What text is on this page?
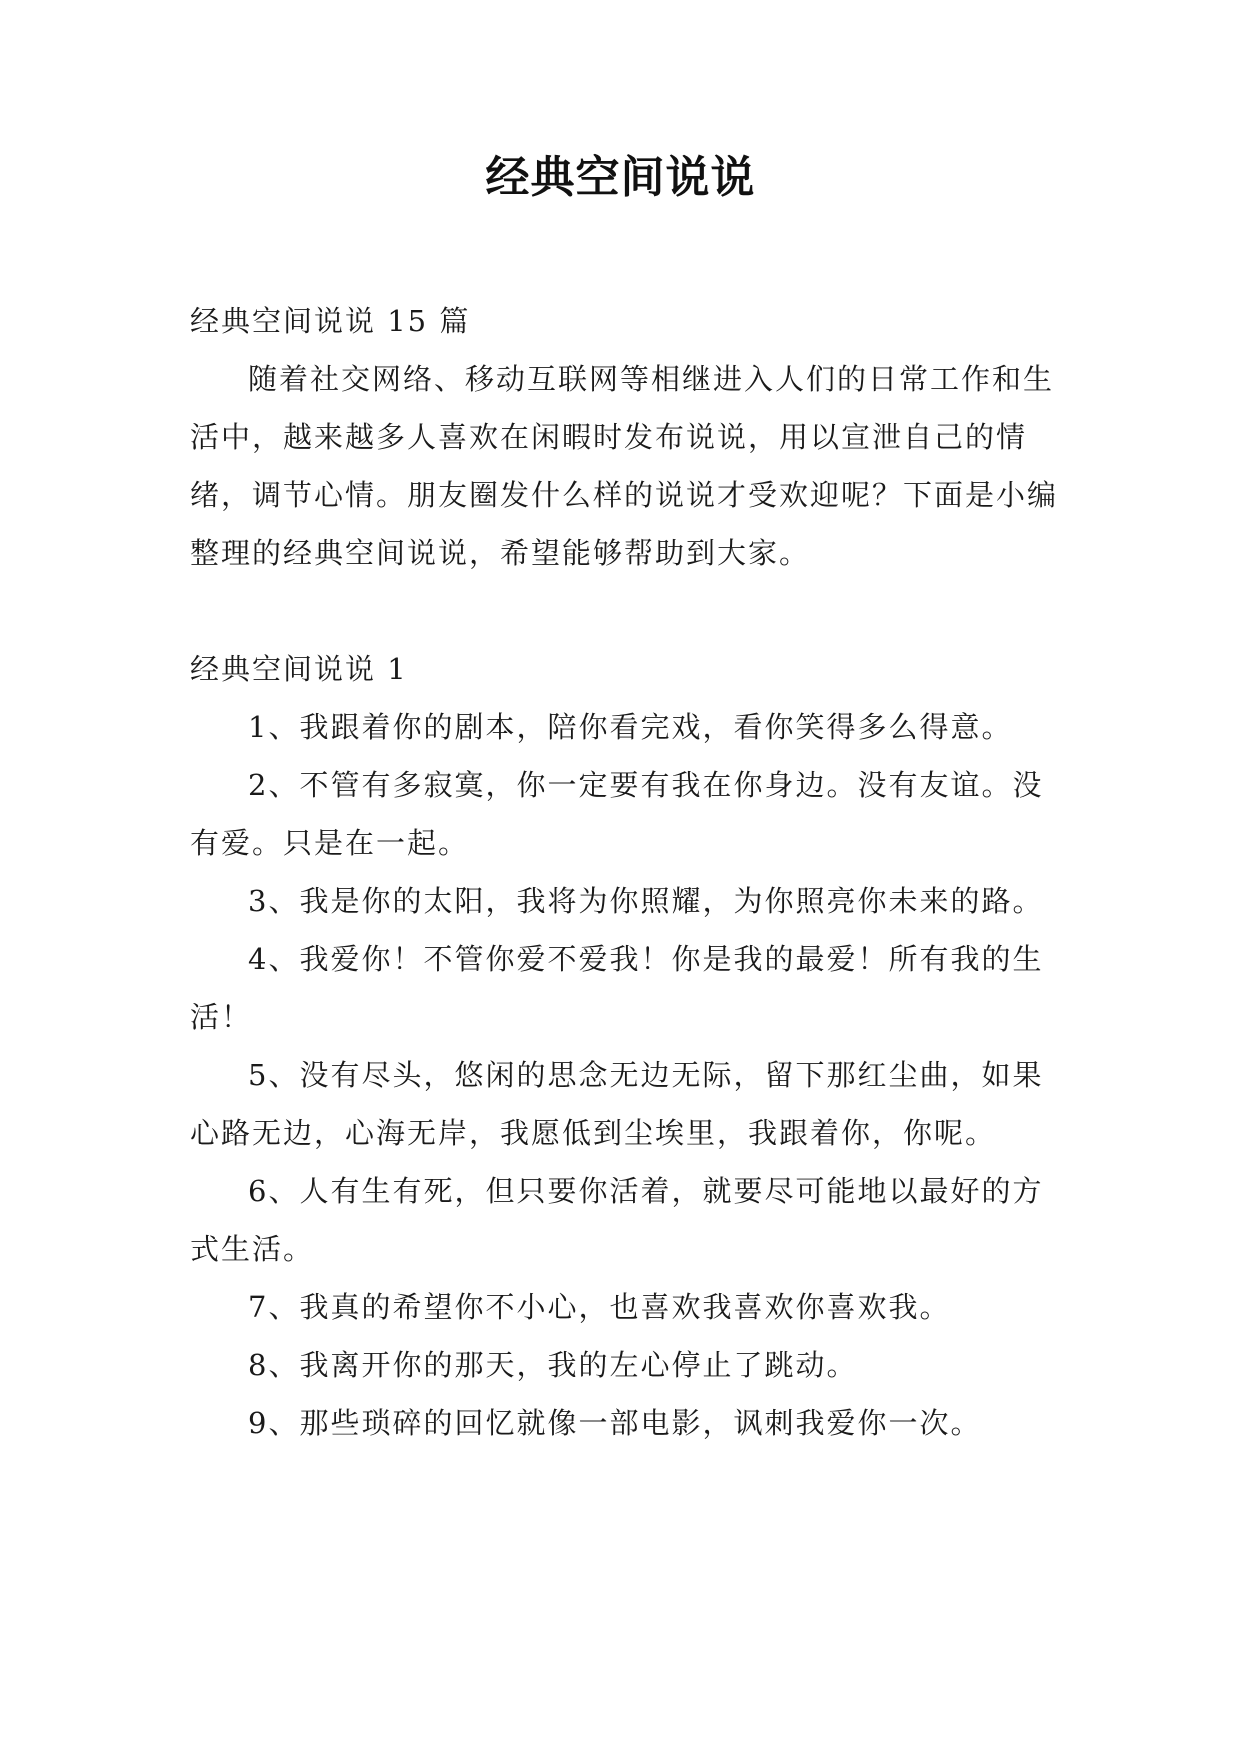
经典空间说说

经典空间说说 15 篇

随着社交网络、移动互联网等相继进入人们的日常工作和生活中，越来越多人喜欢在闲暇时发布说说，用以宣泄自己的情绪，调节心情。朋友圈发什么样的说说才受欢迎呢？下面是小编整理的经典空间说说，希望能够帮助到大家。

经典空间说说 1

1、我跟着你的剧本，陪你看完戏，看你笑得多么得意。

2、不管有多寂寞，你一定要有我在你身边。没有友谊。没有爱。只是在一起。

3、我是你的太阳，我将为你照耀，为你照亮你未来的路。

4、我爱你！不管你爱不爱我！你是我的最爱！所有我的生活！

5、没有尽头，悠闲的思念无边无际，留下那红尘曲，如果心路无边，心海无岸，我愿低到尘埃里，我跟着你，你呢。

6、人有生有死，但只要你活着，就要尽可能地以最好的方式生活。

7、我真的希望你不小心，也喜欢我喜欢你喜欢我。

8、我离开你的那天，我的左心停止了跳动。

9、那些琐碎的回忆就像一部电影，讽刺我爱你一次。
